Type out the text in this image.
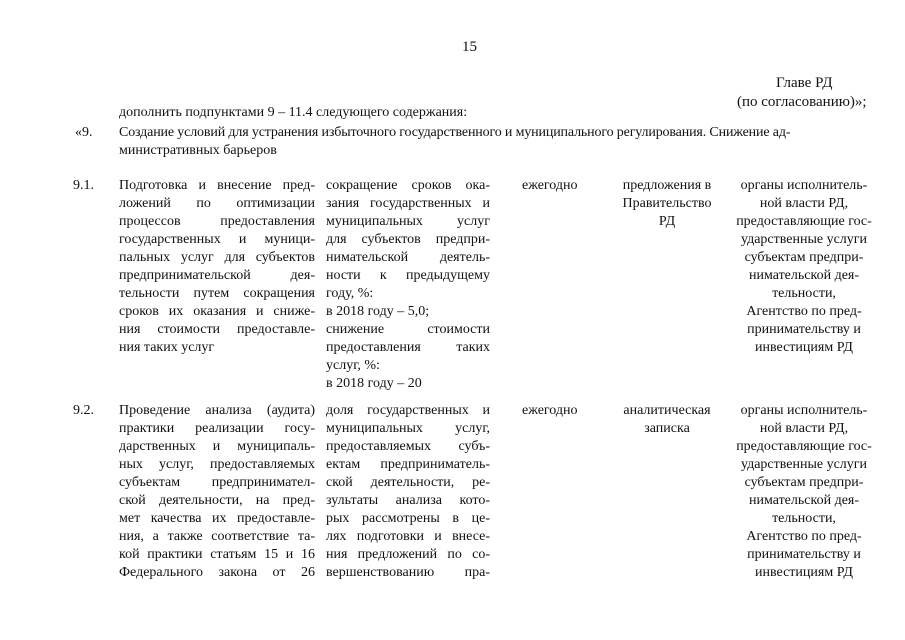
15
Главе РД
(по согласованию)»;
дополнить подпунктами 9 – 11.4 следующего содержания:
«9. Создание условий для устранения избыточного государственного и муниципального регулирования. Снижение ад-
министративных барьеров
9.1. Подготовка и внесение пред-
ложений по оптимизации
процессов предоставления
государственных и муници-
пальных услуг для субъектов
предпринимательской дея-
тельности путем сокращения
сроков их оказания и сниже-
ния стоимости предоставле-
ния таких услуг
сокращение сроков ока-
зания государственных и
муниципальных услуг
для субъектов предпри-
нимательской деятель-
ности к предыдущему
году, %:
в 2018 году – 5,0;
снижение стоимости
предоставления таких
услуг, %:
в 2018 году – 20
ежегодно	предложения в
Правительство
РД
органы исполнитель-
ной власти РД,
предоставляющие гос-
ударственные услуги
субъектам предпри-
нимательской дея-
тельности,
Агентство по пред-
принимательству и
инвестициям РД
9.2. Проведение анализа (аудита)
практики реализации госу-
дарственных и муниципаль-
ных услуг, предоставляемых
субъектам предпринимател-
ской деятельности, на пред-
мет качества их предоставле-
ния, а также соответствие та-
кой практики статьям 15 и 16
Федерального закона от 26
доля государственных и
муниципальных услуг,
предоставляемых субъ-
ектам предприниматель-
ской деятельности, ре-
зультаты анализа кото-
рых рассмотрены в це-
лях подготовки и внесе-
ния предложений по со-
вершенствованию пра-
ежегодно	аналитическая
записка
органы исполнитель-
ной власти РД,
предоставляющие гос-
ударственные услуги
субъектам предпри-
нимательской дея-
тельности,
Агентство по пред-
принимательству и
инвестициям РД
